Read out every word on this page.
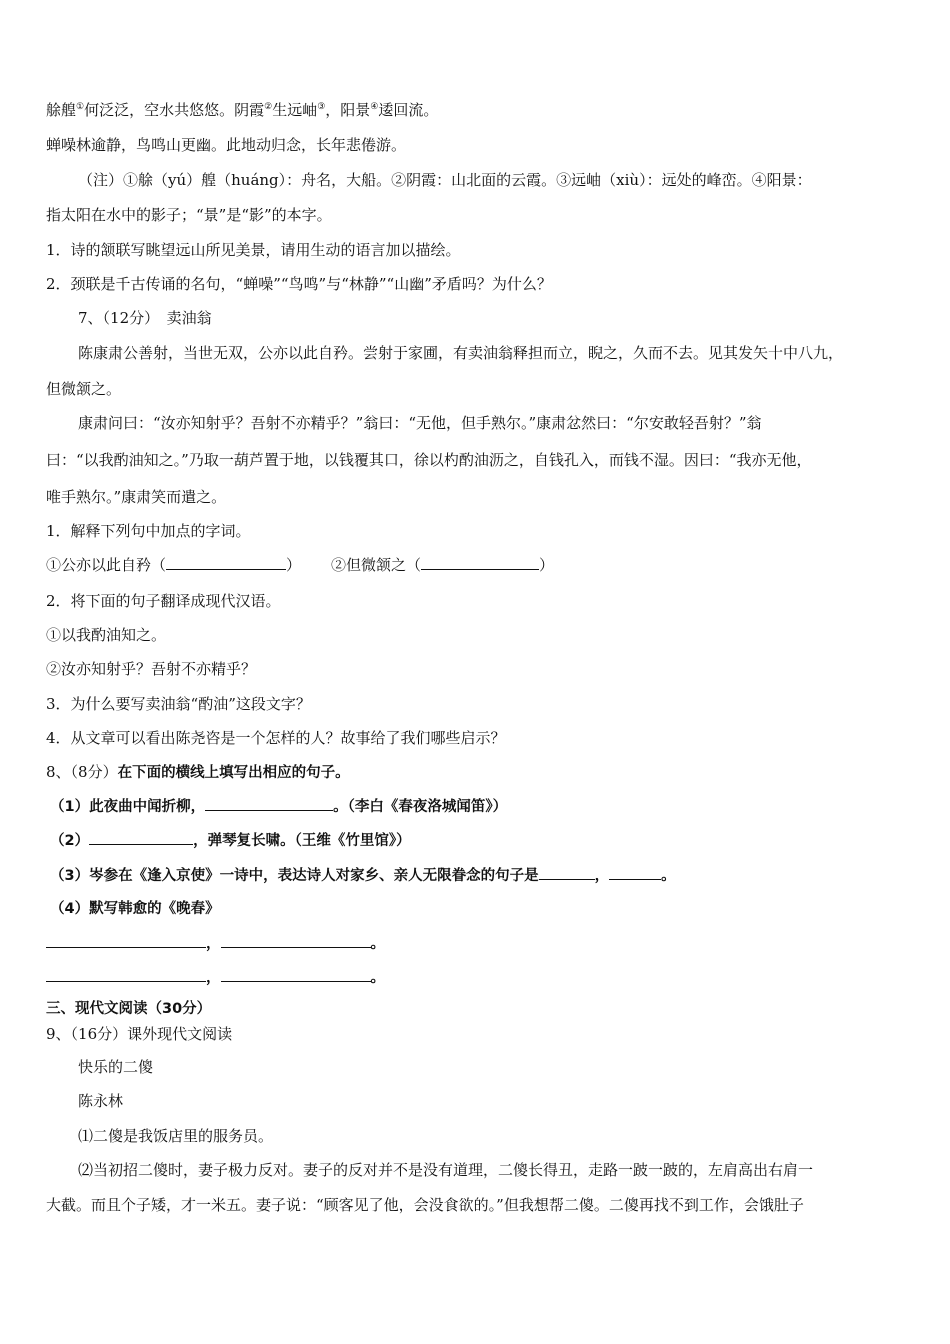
艅艎①何泛泛，空水共悠悠。阴霞②生远岫③，阳景④逶回流。
蝉噪林逾静，鸟鸣山更幽。此地动归念，长年悲倦游。
（注）①艅（yú）艎（huáng）：舟名，大船。②阴霞：山北面的云霞。③远岫（xiù）：远处的峰峦。④阳景：
指太阳在水中的影子；“景”是“影”的本字。
1．诗的颔联写眺望远山所见美景，请用生动的语言加以描绘。
2．颈联是千古传诵的名句，“蝉噪”“鸟鸣”与“林静”“山幽”矛盾吗？为什么？
7、（12分）　卖油翁
陈康肃公善射，当世无双，公亦以此自矜。尝射于家圃，有卖油翁释担而立，睨之，久而不去。见其发矢十中八九，
但微颔之。
康肃问曰：“汝亦知射乎？吾射不亦精乎？”翁曰：“无他，但手熟尔。”康肃忿然曰：“尔安敢轻吾射？”翁
曰：“以我酌油知之。”乃取一葫芦置于地，以钱覆其口，徐以杓酌油沥之，自钱孔入，而钱不湿。因曰：“我亦无他，
唯手熟尔。”康肃笑而遣之。
1．解释下列句中加点的字词。
①公亦以此自矜（	） ②但微颔之（	）
2．将下面的句子翻译成现代汉语。
①以我酌油知之。
②汝亦知射乎？吾射不亦精乎？
3．为什么要写卖油翁“酌油”这段文字？
4．从文章可以看出陈尧咨是一个怎样的人？故事给了我们哪些启示？
8、（8分）在下面的横线上填写出相应的句子。
（1）此夜曲中闻折柳，	。（李白《春夜洛城闻笛》）
（2）	，弹琴复长啸。（王维《竹里馆》）
（3）岑参在《逢入京使》一诗中，表达诗人对家乡、亲人无限眷念的句子是	，	。
（4）默写韩愈的《晚春》
，	。
，	。
三、现代文阅读（30分）
9、（16分）课外现代文阅读
快乐的二傻
陈永林
⑴二傻是我饭店里的服务员。
⑵当初招二傻时，妻子极力反对。妻子的反对并不是没有道理，二傻长得丑，走路一跛一跛的，左肩高出右肩一
大截。而且个子矮，才一米五。妻子说：“顾客见了他，会没食欲的。”但我想帮二傻。二傻再找不到工作，会饿肚子
